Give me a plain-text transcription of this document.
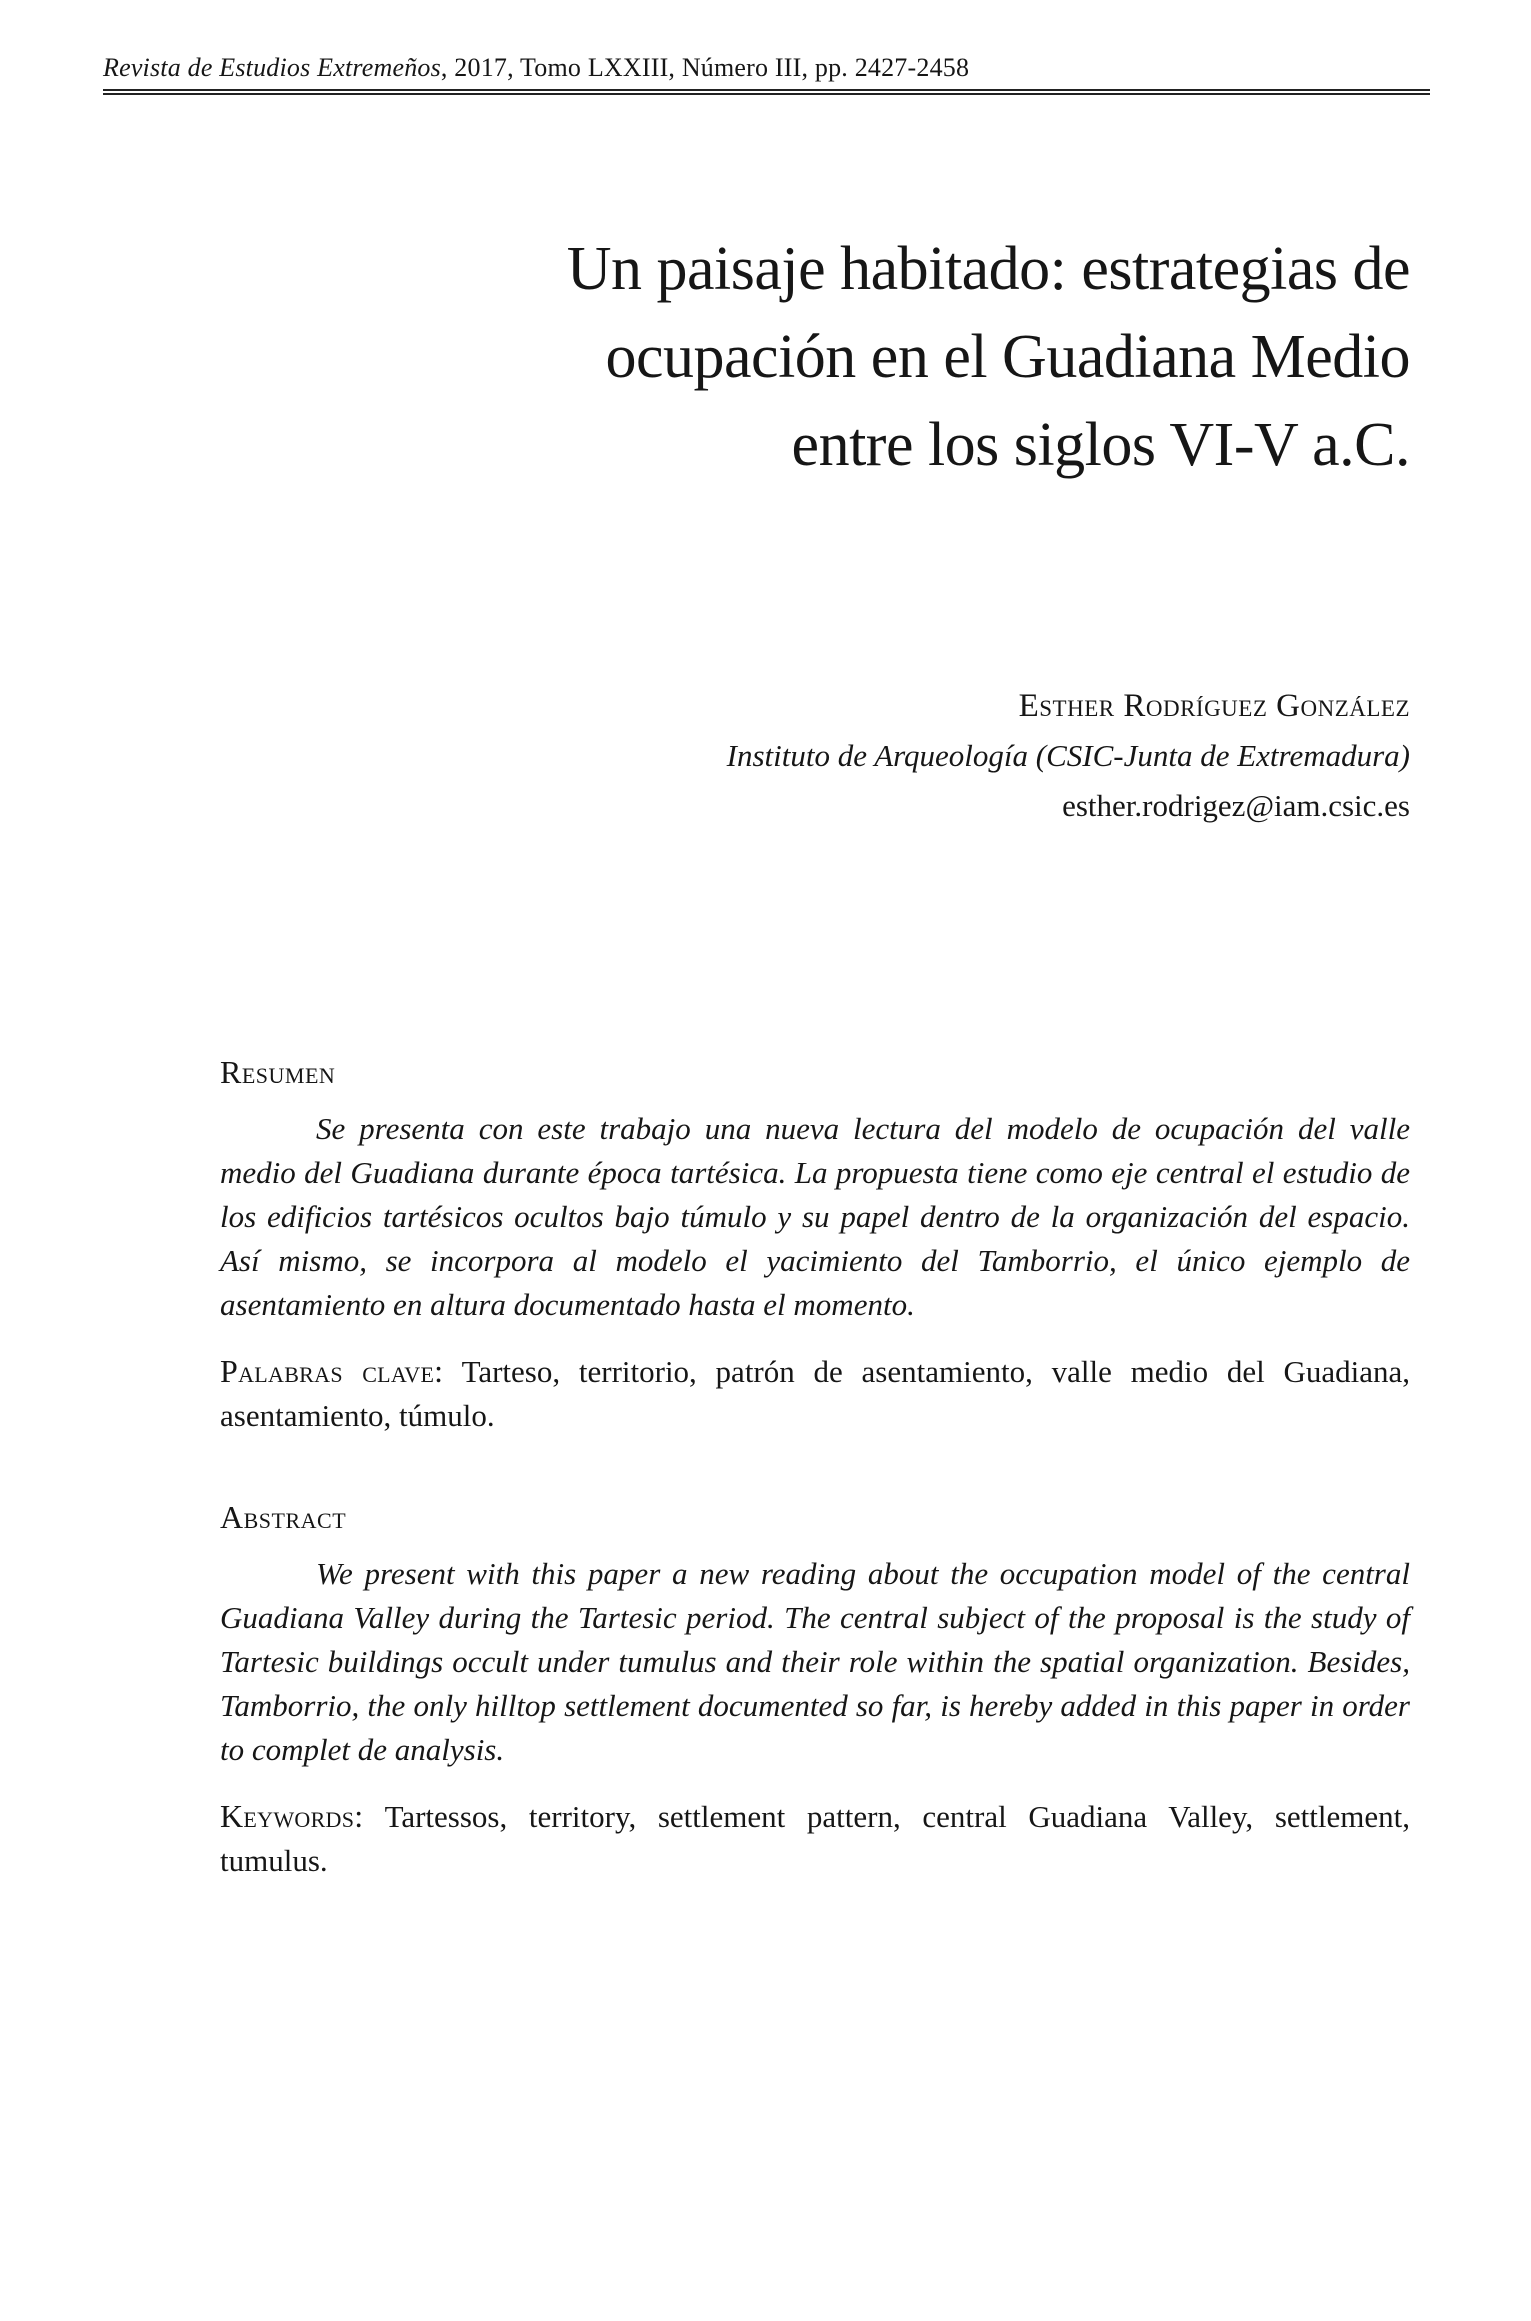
Revista de Estudios Extremeños, 2017, Tomo LXXIII, Número III, pp. 2427-2458
Un paisaje habitado: estrategias de
ocupación en el Guadiana Medio
entre los siglos VI-V a.C.
Esther Rodríguez González
Instituto de Arqueología (CSIC-Junta de Extremadura)
esther.rodrigez@iam.csic.es
Resumen

Se presenta con este trabajo una nueva lectura del modelo de ocupación del valle medio del Guadiana durante época tartésica. La propuesta tiene como eje central el estudio de los edificios tartésicos ocultos bajo túmulo y su papel dentro de la organización del espacio. Así mismo, se incorpora al modelo el yacimiento del Tamborrio, el único ejemplo de asentamiento en altura documentado hasta el momento.

Palabras clave: Tarteso, territorio, patrón de asentamiento, valle medio del Guadiana, asentamiento, túmulo.

Abstract

We present with this paper a new reading about the occupation model of the central Guadiana Valley during the Tartesic period. The central subject of the proposal is the study of Tartesic buildings occult under tumulus and their role within the spatial organization. Besides, Tamborrio, the only hilltop settlement documented so far, is hereby added in this paper in order to complet de analysis.

Keywords: Tartessos, territory, settlement pattern, central Guadiana Valley, settlement, tumulus.
